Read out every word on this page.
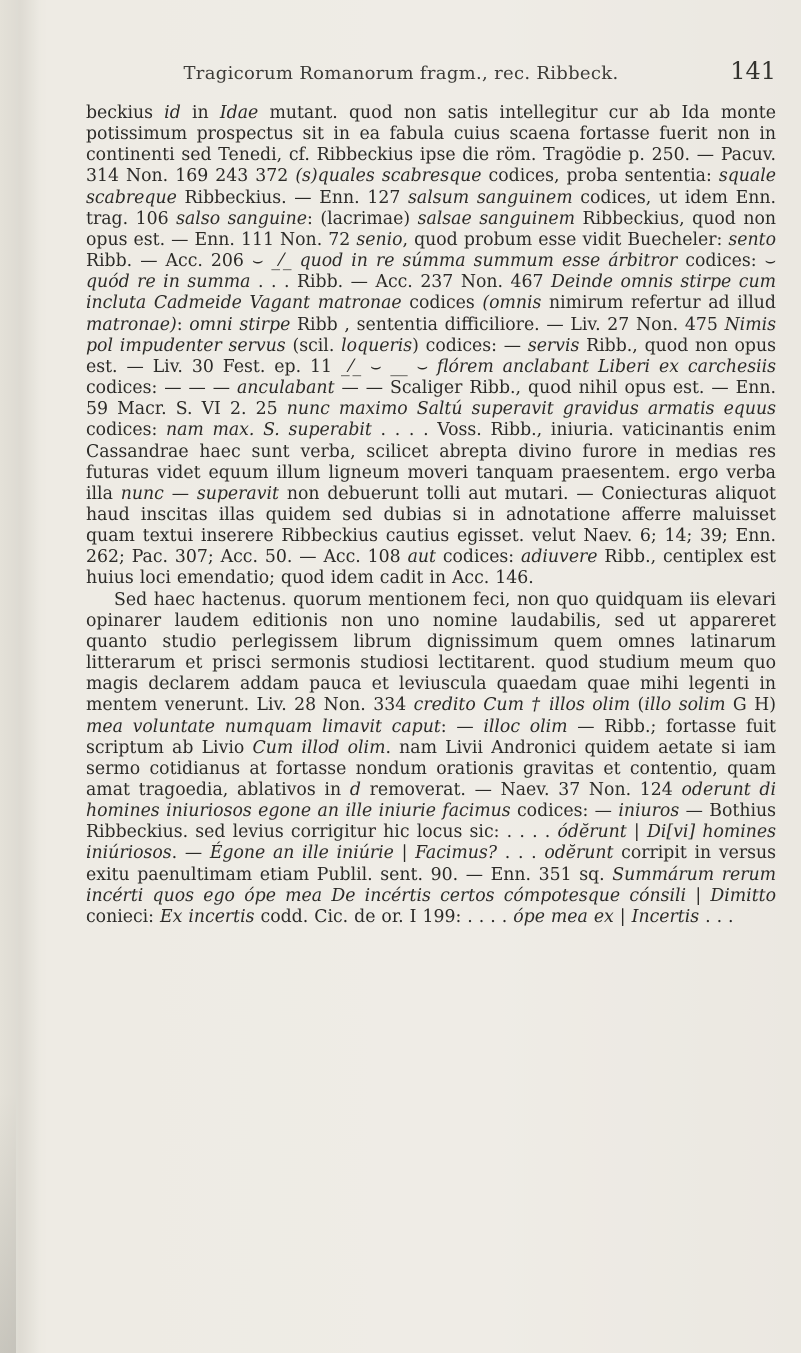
Tragicorum Romanorum fragm., rec. Ribbeck.	141

beckius id in Idae mutant. quod non satis intellegitur cur ab Ida monte potissimum prospectus sit in ea fabula cuius scaena fortasse fuerit non in continenti sed Tenedi, cf. Ribbeckius ipse die röm. Tragödie p. 250. — Pacuv. 314 Non. 169 243 372 (s)quales scabresque codices, proba sententia: squale scabreque Ribbeckius. — Enn. 127 salsum sanguinem codices, ut idem Enn. trag. 106 salso sanguine: (lacrimae) salsae sanguinem Ribbeckius, quod non opus est. — Enn. 111 Non. 72 senio, quod probum esse vidit Buecheler: sento Ribb. — Acc. 206 ⌣ _⁄_ quod in re súmma summum esse árbitror codices: ⌣ quód re in summa . . . Ribb. — Acc. 237 Non. 467 Deinde omnis stirpe cum incluta Cadmeide Vagant matronae codices (omnis nimirum refertur ad illud matronae): omni stirpe Ribb , sententia difficiliore. — Liv. 27 Non. 475 Nimis pol impudenter servus (scil. loqueris) codices: — servis Ribb., quod non opus est. — Liv. 30 Fest. ep. 11 _⁄_ ⌣ __ ⌣ flórem anclabant Liberi ex carchesiis codices: — — — anculabant — — Scaliger Ribb., quod nihil opus est. — Enn. 59 Macr. S. VI 2. 25 nunc maximo Saltú superavit gravidus armatis equus codices: nam max. S. superabit . . . . Voss. Ribb., iniuria. vaticinantis enim Cassandrae haec sunt verba, scilicet abrepta divino furore in medias res futuras videt equum illum ligneum moveri tanquam praesentem. ergo verba illa nunc — superavit non debuerunt tolli aut mutari. — Coniecturas aliquot haud inscitas illas quidem sed dubias si in adnotatione afferre maluisset quam textui inserere Ribbeckius cautius egisset. velut Naev. 6; 14; 39; Enn. 262; Pac. 307; Acc. 50. — Acc. 108 aut codices: adiuvere Ribb., centiplex est huius loci emendatio; quod idem cadit in Acc. 146.

Sed haec hactenus. quorum mentionem feci, non quo quidquam iis elevari opinarer laudem editionis non uno nomine laudabilis, sed ut appareret quanto studio perlegissem librum dignissimum quem omnes latinarum litterarum et prisci sermonis studiosi lectitarent. quod studium meum quo magis declarem addam pauca et leviuscula quaedam quae mihi legenti in mentem venerunt. Liv. 28 Non. 334 credito Cum † illos olim (illo solim G H) mea voluntate numquam limavit caput: — illoc olim — Ribb.; fortasse fuit scriptum ab Livio Cum illod olim. nam Livii Andronici quidem aetate si iam sermo cotidianus at fortasse nondum orationis gravitas et contentio, quam amat tragoedia, ablativos in d removerat. — Naev. 37 Non. 124 oderunt di homines iniuriosos egone an ille iniurie facimus codices: — iniuros — Bothius Ribbeckius. sed levius corrigitur hic locus sic: . . . . ódĕrunt | Di[vi] homines iniúriosos. — Égone an ille iniúrie | Facimus? . . . odĕrunt corripit in versus exitu paenultimam etiam Publil. sent. 90. — Enn. 351 sq. Summárum rerum incérti quos ego ópe mea De incértis certos cómpotesque cónsili | Dimitto conieci: Ex incertis codd. Cic. de or. I 199: . . . . ópe mea ex | Incertis . . .
